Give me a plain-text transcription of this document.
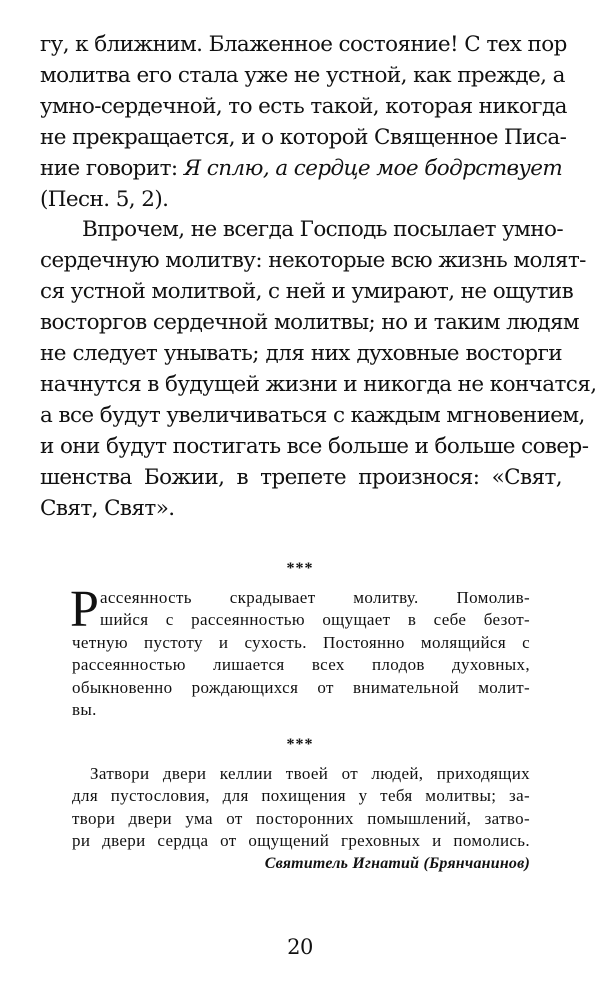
гу, к ближним. Блаженное состояние! С тех пор
молитва его стала уже не устной, как прежде, а
умно-сердечной, то есть такой, которая никогда
не прекращается, и о которой Священное Писа-
ние говорит: Я сплю, а сердце мое бодрствует
(Песн. 5, 2).
Впрочем, не всегда Господь посылает умно-
сердечную молитву: некоторые всю жизнь молят-
ся устной молитвой, с ней и умирают, не ощутив
восторгов сердечной молитвы; но и таким людям
не следует унывать; для них духовные восторги
начнутся в будущей жизни и никогда не кончатся,
а все будут увеличиваться с каждым мгновением,
и они будут постигать все больше и больше совер-
шенства Божии, в трепете произнося: «Свят,
Свят, Свят».
***
Р ассеянность скрадывает молитву. Помолив-
шийся с рассеянностью ощущает в себе безот-
четную пустоту и сухость. Постоянно молящийся с
рассеянностью лишается всех плодов духовных,
обыкновенно рождающихся от внимательной молит-
вы.
***
Затвори двери келлии твоей от людей, приходящих
для пустословия, для похищения у тебя молитвы; за-
твори двери ума от посторонних помышлений, затво-
ри двери сердца от ощущений греховных и помолись.
Святитель Игнатий (Брянчанинов)
20
